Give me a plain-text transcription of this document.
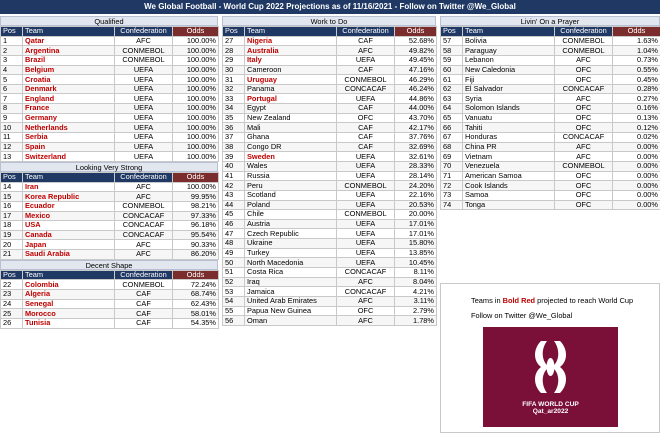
We Global Football - World Cup 2022 Projections as of 11/16/2021 - Follow on Twitter @We_Global
Qualified
Pos	Team	Confederation	Odds
1	Qatar	AFC	100.00%
2	Argentina	CONMEBOL	100.00%
3	Brazil	CONMEBOL	100.00%
4	Belgium	UEFA	100.00%
5	Croatia	UEFA	100.00%
6	Denmark	UEFA	100.00%
7	England	UEFA	100.00%
8	France	UEFA	100.00%
9	Germany	UEFA	100.00%
10	Netherlands	UEFA	100.00%
11	Serbia	UEFA	100.00%
12	Spain	UEFA	100.00%
13	Switzerland	UEFA	100.00%
Looking Very Strong
Pos	Team	Confederation	Odds
14	Iran	AFC	100.00%
15	Korea Republic	AFC	99.95%
16	Ecuador	CONMEBOL	98.21%
17	Mexico	CONCACAF	97.33%
18	USA	CONCACAF	96.18%
19	Canada	CONCACAF	95.54%
20	Japan	AFC	90.33%
21	Saudi Arabia	AFC	86.20%
Decent Shape
Pos	Team	Confederation	Odds
22	Colombia	CONMEBOL	72.24%
23	Algeria	CAF	68.74%
24	Senegal	CAF	62.43%
25	Morocco	CAF	58.01%
26	Tunisia	CAF	54.35%
Work to Do
Pos	Team	Confederation	Odds
27	Nigeria	CAF	52.68%
28	Australia	AFC	49.82%
29	Italy	UEFA	49.45%
30	Cameroon	CAF	47.16%
31	Uruguay	CONMEBOL	46.29%
32	Panama	CONCACAF	46.24%
33	Portugal	UEFA	44.86%
34	Egypt	CAF	44.00%
35	New Zealand	OFC	43.70%
36	Mali	CAF	42.17%
37	Ghana	CAF	37.76%
38	Congo DR	CAF	32.69%
39	Sweden	UEFA	32.61%
40	Wales	UEFA	28.33%
41	Russia	UEFA	28.14%
42	Peru	CONMEBOL	24.20%
43	Scotland	UEFA	22.16%
44	Poland	UEFA	20.53%
45	Chile	CONMEBOL	20.00%
46	Austria	UEFA	17.01%
47	Czech Republic	UEFA	17.01%
48	Ukraine	UEFA	15.80%
49	Turkey	UEFA	13.85%
50	North Macedonia	UEFA	10.45%
51	Costa Rica	CONCACAF	8.11%
52	Iraq	AFC	8.04%
53	Jamaica	CONCACAF	4.21%
54	United Arab Emirates	AFC	3.11%
55	Papua New Guinea	OFC	2.79%
56	Oman	AFC	1.78%
Livin' On a Prayer
Pos	Team	Confederation	Odds
57	Bolivia	CONMEBOL	1.63%
58	Paraguay	CONMEBOL	1.04%
59	Lebanon	AFC	0.73%
60	New Caledonia	OFC	0.55%
61	Fiji	OFC	0.45%
62	El Salvador	CONCACAF	0.28%
63	Syria	AFC	0.27%
64	Solomon Islands	OFC	0.16%
65	Vanuatu	OFC	0.13%
66	Tahiti	OFC	0.12%
67	Honduras	CONCACAF	0.02%
68	China PR	AFC	0.00%
69	Vietnam	AFC	0.00%
70	Venezuela	CONMEBOL	0.00%
71	American Samoa	OFC	0.00%
72	Cook Islands	OFC	0.00%
73	Samoa	OFC	0.00%
74	Tonga	OFC	0.00%
Teams in Bold Red projected to reach World Cup
Follow on Twitter @We_Global
FIFA WORLD CUP
Qat_ar2022
